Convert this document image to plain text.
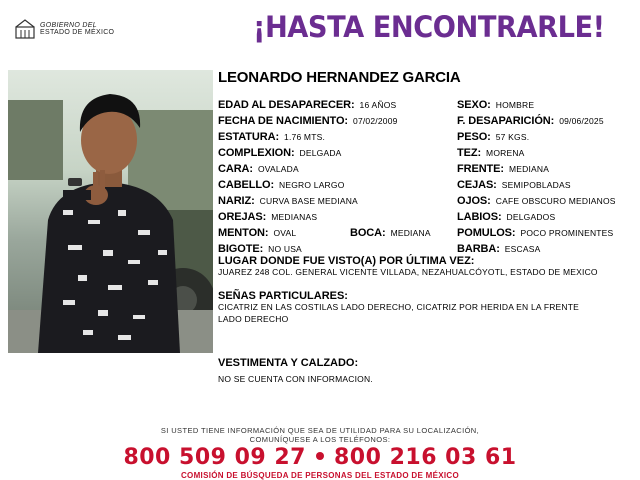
GOBIERNO DEL
ESTADO DE MÉXICO	¡HASTA ENCONTRARLE!
LEONARDO HERNANDEZ GARCIA
EDAD AL DESAPARECER: 16 AÑOS
FECHA DE NACIMIENTO: 07/02/2009
ESTATURA: 1.76 MTS.
COMPLEXION: DELGADA
CARA: OVALADA
CABELLO: NEGRO LARGO
NARIZ: CURVA BASE MEDIANA
OREJAS: MEDIANAS
MENTON: OVAL	BOCA: MEDIANA
BIGOTE: NO USA
SEXO: HOMBRE
F. DESAPARICIÓN: 09/06/2025
PESO: 57 KGS.
TEZ: MORENA
FRENTE: MEDIANA
CEJAS: SEMIPOBLADAS
OJOS: CAFE OBSCURO MEDIANOS
LABIOS: DELGADOS
POMULOS: POCO PROMINENTES
BARBA: ESCASA
LUGAR DONDE FUE VISTO(A) POR ÚLTIMA VEZ:
JUAREZ 248 COL. GENERAL VICENTE VILLADA, NEZAHUALCÓYOTL, ESTADO DE MEXICO
SEÑAS PARTICULARES:
CICATRIZ EN LAS COSTILAS LADO DERECHO, CICATRIZ POR HERIDA EN LA FRENTE LADO DERECHO
VESTIMENTA Y CALZADO:
NO SE CUENTA CON INFORMACION.
SI USTED TIENE INFORMACIÓN QUE SEA DE UTILIDAD PARA SU LOCALIZACIÓN,
COMUNÍQUESE A LOS TELÉFONOS:
800 509 09 27 800 216 03 61
COMISIÓN DE BÚSQUEDA DE PERSONAS DEL ESTADO DE MÉXICO
